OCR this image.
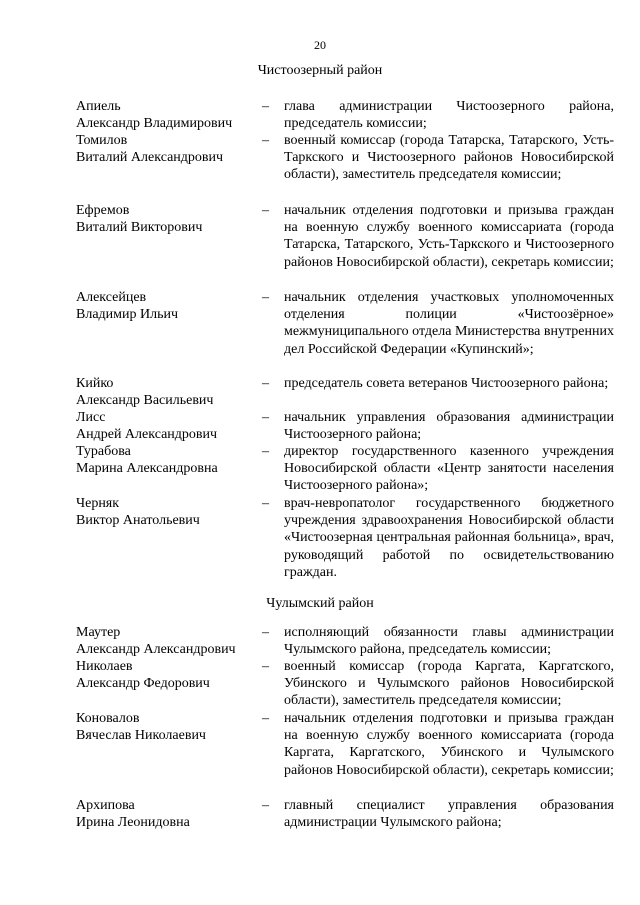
20
Чистоозерный район
Апиель
Александр Владимирович
– глава администрации Чистоозерного района, председатель комиссии;
Томилов
Виталий Александрович
– военный комиссар (города Татарска, Татарского, Усть-Таркского и Чистоозерного районов Новосибирской области), заместитель председателя комиссии;
Ефремов
Виталий Викторович
– начальник отделения подготовки и призыва граждан на военную службу военного комиссариата (города Татарска, Татарского, Усть-Таркского и Чистоозерного районов Новосибирской области), секретарь комиссии;
Алексейцев
Владимир Ильич
– начальник отделения участковых уполномоченных отделения полиции «Чистоозёрное» межмуниципального отдела Министерства внутренних дел Российской Федерации «Купинский»;
Кийко
Александр Васильевич
– председатель совета ветеранов Чистоозерного района;
Лисс
Андрей Александрович
– начальник управления образования администрации Чистоозерного района;
Турабова
Марина Александровна
– директор государственного казенного учреждения Новосибирской области «Центр занятости населения Чистоозерного района»;
Черняк
Виктор Анатольевич
– врач-невропатолог государственного бюджетного учреждения здравоохранения Новосибирской области «Чистоозерная центральная районная больница», врач, руководящий работой по освидетельствованию граждан.
Чулымский район
Маутер
Александр Александрович
– исполняющий обязанности главы администрации Чулымского района, председатель комиссии;
Николаев
Александр Федорович
– военный комиссар (города Каргата, Каргатского, Убинского и Чулымского районов Новосибирской области), заместитель председателя комиссии;
Коновалов
Вячеслав Николаевич
– начальник отделения подготовки и призыва граждан на военную службу военного комиссариата (города Каргата, Каргатского, Убинского и Чулымского районов Новосибирской области), секретарь комиссии;
Архипова
Ирина Леонидовна
– главный специалист управления образования администрации Чулымского района;
